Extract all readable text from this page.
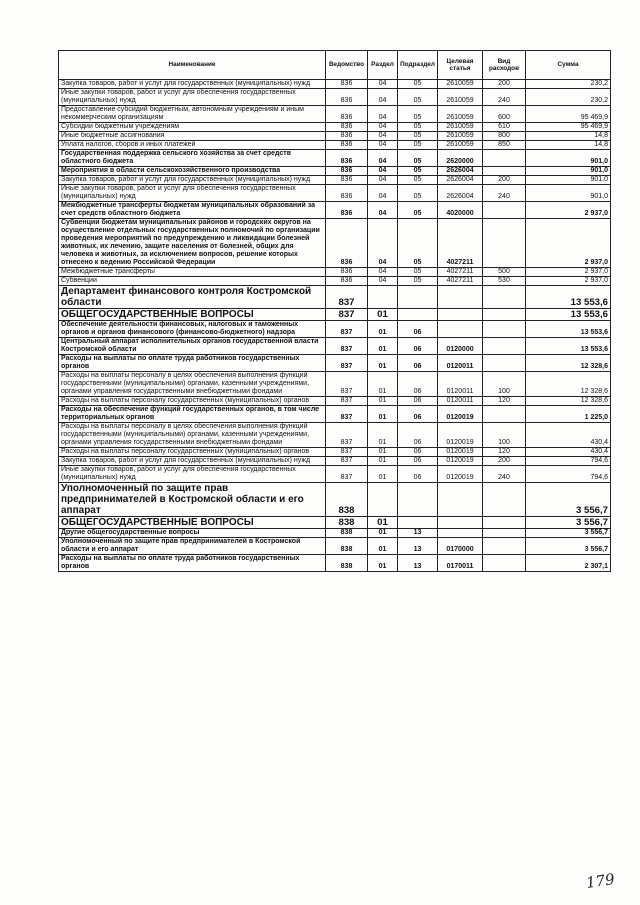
Наименование	Ведомство	Раздел	Подраздел	Целевая статья	Вид расходов	Сумма
Закупка товаров, работ и услуг для государственных (муниципальных) нужд	836	04	05	2610059	200	230,2
Иные закупки товаров, работ и услуг для обеспечения государственных (муниципальных) нужд	836	04	05	2610059	240	230,2
Предоставление субсидий бюджетным, автономным учреждениям и иным некоммерческим организациям	836	04	05	2610059	600	95 469,9
Субсидии бюджетным учреждениям	836	04	05	2610059	610	95 469,9
Иные бюджетные ассигнования	836	04	05	2610059	800	14,8
Уплата налогов, сборов и иных платежей	836	04	05	2610059	850	14,8
Государственная поддержка сельского хозяйства за счет средств областного бюджета	836	04	05	2620000		901,0
Мероприятия в области сельскохозяйственного производства	836	04	05	2626004		901,0
Закупка товаров, работ и услуг для государственных (муниципальных) нужд	836	04	05	2626004	200	901,0
Иные закупки товаров, работ и услуг для обеспечения государственных (муниципальных) нужд	836	04	05	2626004	240	901,0
Межбюджетные трансферты бюджетам муниципальных образований за счет средств областного бюджета	836	04	05	4020000		2 937,0
Субвенции бюджетам муниципальных районов и городских округов на осуществление отдельных государственных полномочий по организации проведения мероприятий по предупреждению и ликвидации болезней животных, их лечению, защите населения от болезней, общих для человека и животных, за исключением вопросов, решение которых отнесено к ведению Российской Федерации	836	04	05	4027211		2 937,0
Межбюджетные трансферты	836	04	05	4027211	500	2 937,0
Субвенции	836	04	05	4027211	530	2 937,0
Департамент финансового контроля Костромской области	837					13 553,6
ОБЩЕГОСУДАРСТВЕННЫЕ ВОПРОСЫ	837	01				13 553,6
Обеспечение деятельности финансовых, налоговых и таможенных органов и органов финансового (финансово-бюджетного) надзора	837	01	06			13 553,6
Центральный аппарат исполнительных органов государственной власти Костромской области	837	01	06	0120000		13 553,6
Расходы на выплаты по оплате труда работников государственных органов	837	01	06	0120011		12 328,6
Расходы на выплаты персоналу в целях обеспечения выполнения функций государственными (муниципальными) органами, казенными учреждениями, органами управления государственными внебюджетными фондами	837	01	06	0120011	100	12 328,6
Расходы на выплаты персоналу государственных (муниципальных) органов	837	01	06	0120011	120	12 328,6
Расходы на обеспечение функций государственных органов, в том числе территориальных органов	837	01	06	0120019		1 225,0
Расходы на выплаты персоналу в целях обеспечения выполнения функций государственными (муниципальными) органами, казенными учреждениями, органами управления государственными внебюджетными фондами	837	01	06	0120019	100	430,4
Расходы на выплаты персоналу государственных (муниципальных) органов	837	01	06	0120019	120	430,4
Закупка товаров, работ и услуг для государственных (муниципальных) нужд	837	01	06	0120019	200	794,6
Иные закупки товаров, работ и услуг для обеспечения государственных (муниципальных) нужд	837	01	06	0120019	240	794,6
Уполномоченный по защите прав предпринимателей в Костромской области и его аппарат	838					3 556,7
ОБЩЕГОСУДАРСТВЕННЫЕ ВОПРОСЫ	838	01				3 556,7
Другие общегосударственные вопросы	838	01	13			3 556,7
Уполномоченный по защите прав предпринимателей в Костромской области и его аппарат	838	01	13	0170000		3 556,7
Расходы на выплаты по оплате труда работников государственных органов	838	01	13	0170011		2 307,1
179
